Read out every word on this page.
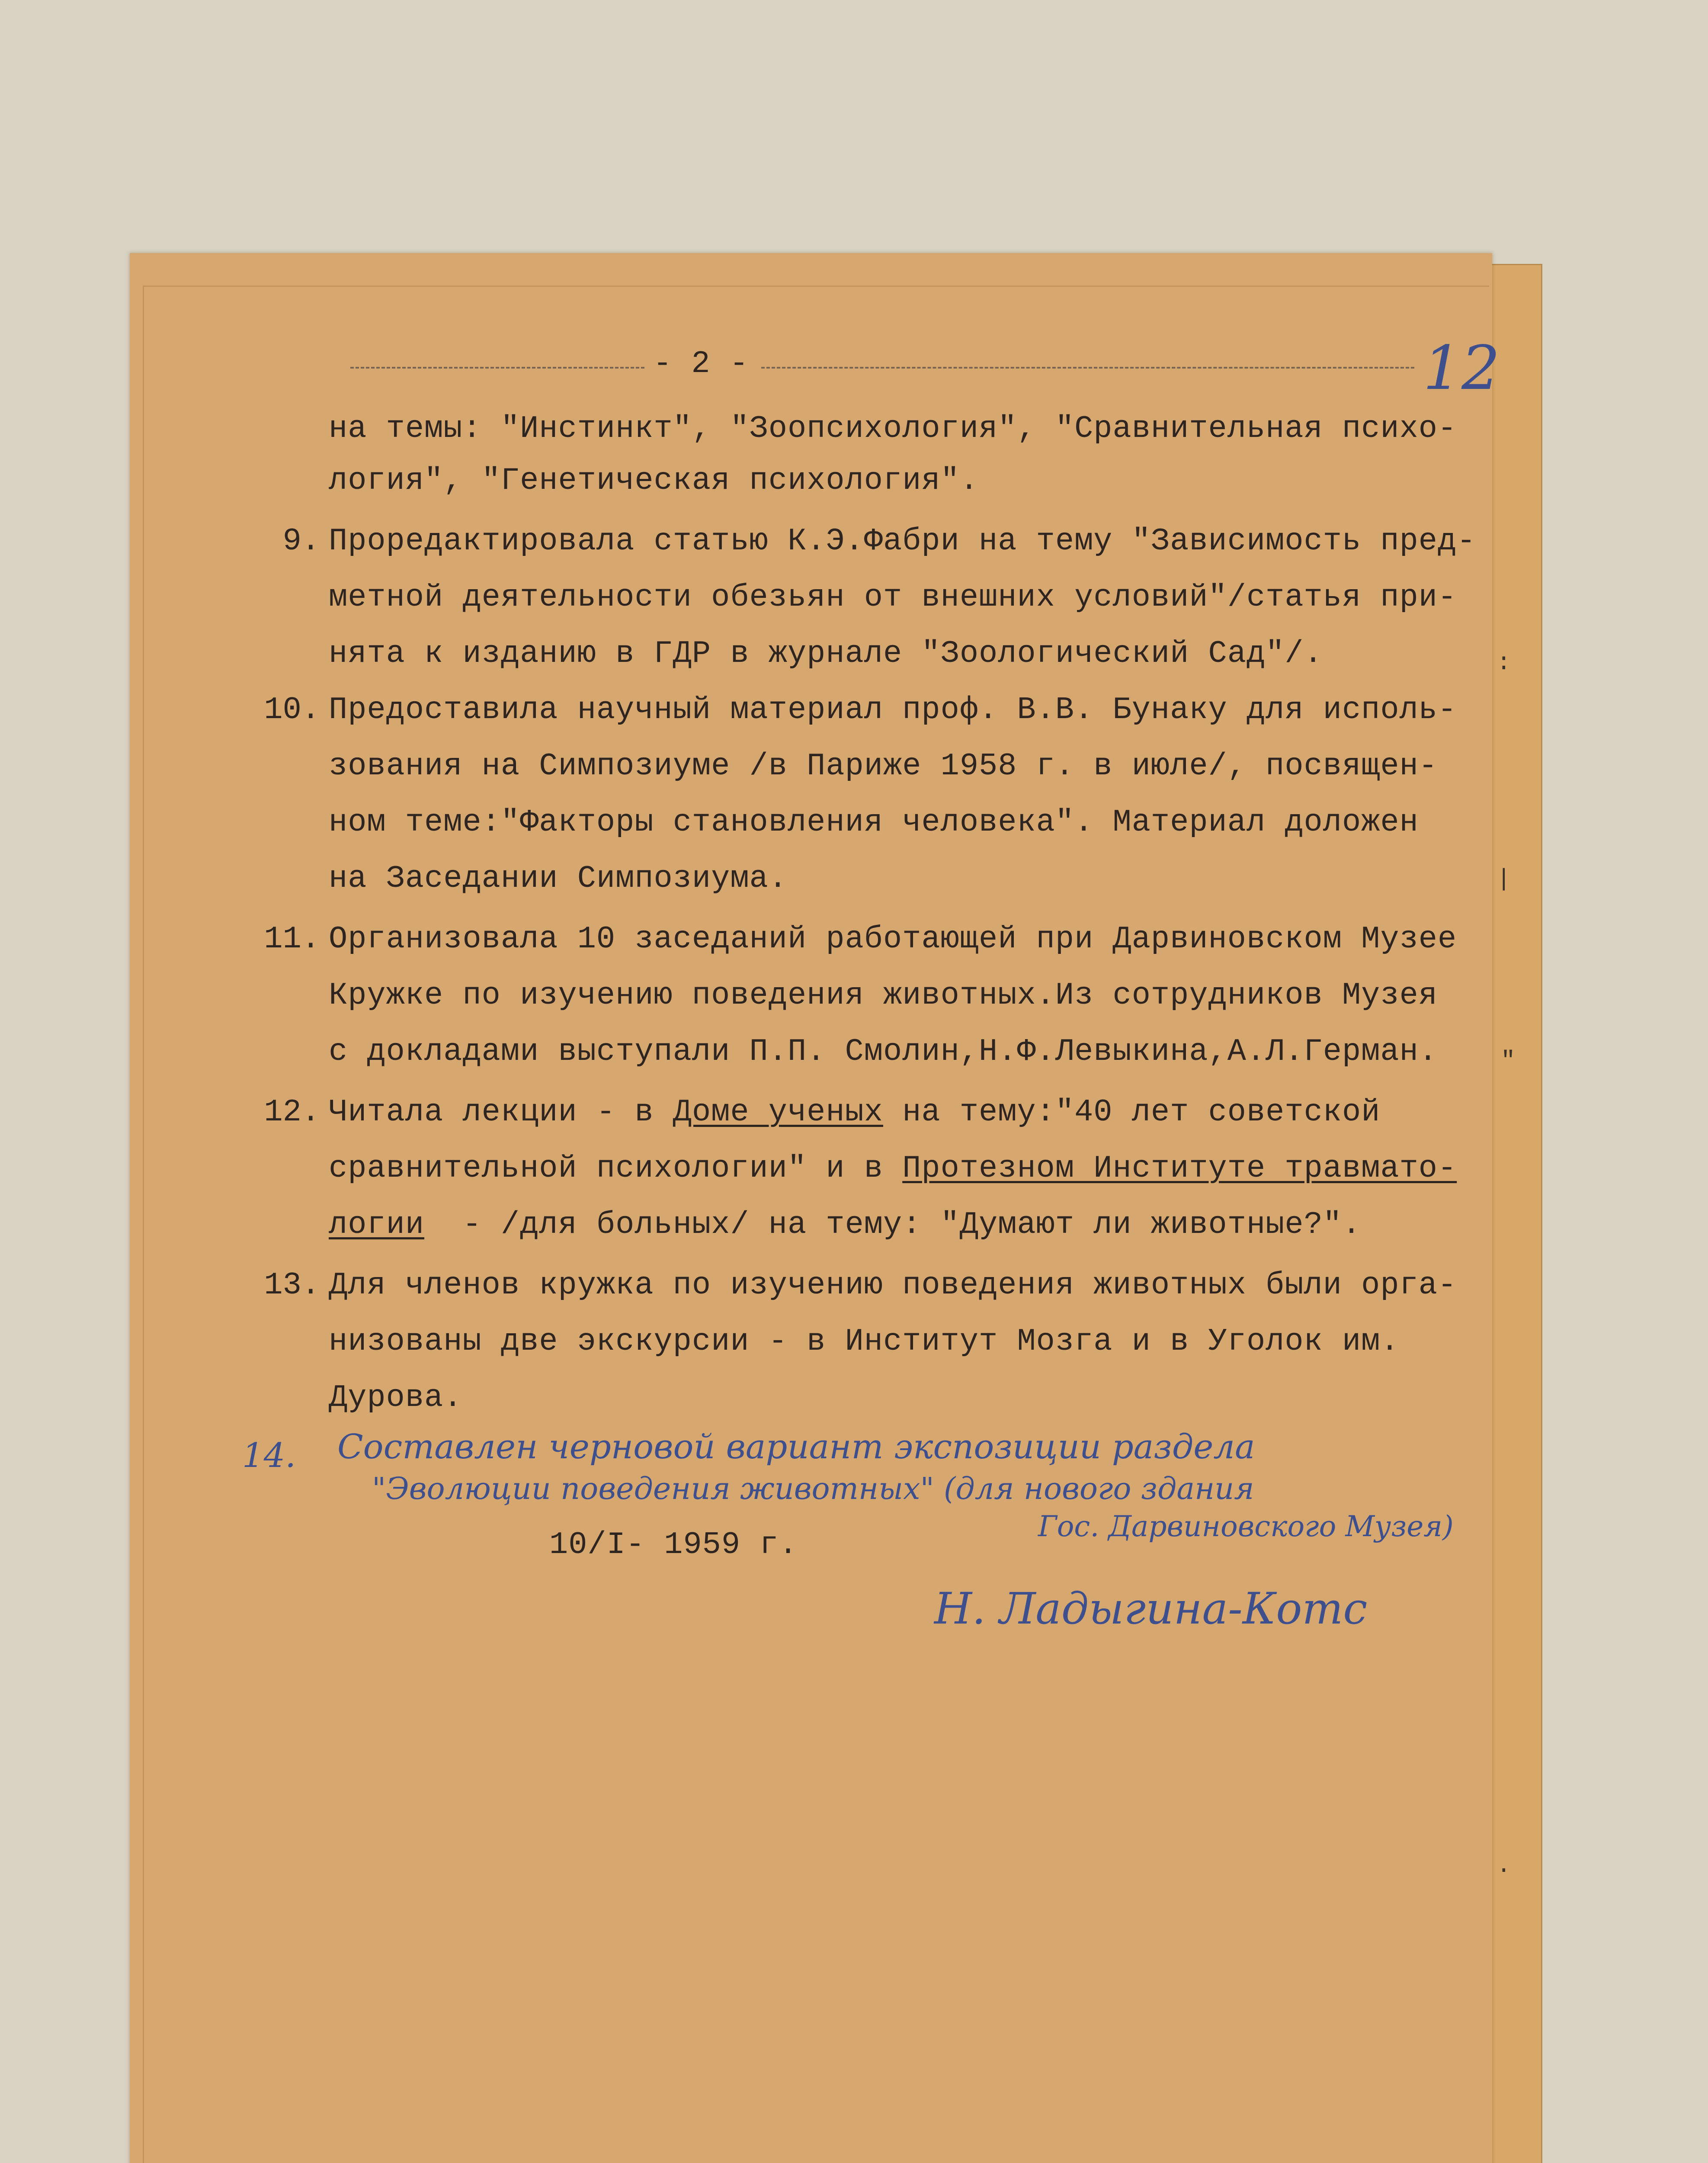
- 2 -	12
на темы: "Инстинкт", "Зоопсихология", "Сравнительная психо-
логия", "Генетическая психология".
9. Проредактировала статью К.Э.Фабри на тему "Зависимость пред-
метной деятельности обезьян от внешних условий"/статья при-
нята к изданию в ГДР в журнале "Зоологический Сад"/.
10. Предоставила научный материал проф. В.В. Бунаку для исполь-
зования на Симпозиуме /в Париже 1958 г. в июле/, посвящен-
ном теме:"Факторы становления человека". Материал доложен
на Заседании Симпозиума.
11. Организовала 10 заседаний работающей при Дарвиновском Музее
Кружке по изучению поведения животных.Из сотрудников Музея
с докладами выступали П.П. Смолин,Н.Ф.Левыкина,А.Л.Герман.
12. Читала лекции - в Доме ученых на тему:"40 лет советской
сравнительной психологии" и в Протезном Институте травмато-
логии  - /для больных/ на тему: "Думают ли животные?".
13. Для членов кружка по изучению поведения животных были орга-
низованы две экскурсии - в Институт Мозга и в Уголок им.
Дурова.
14. Составлен черновой вариант экспозиции раздела
"Эволюции поведения животных" (для нового здания
Гос. Дарвиновского Музея)
10/I- 1959 г.
Н. Ладыгина-Котс
:
|
"
.
